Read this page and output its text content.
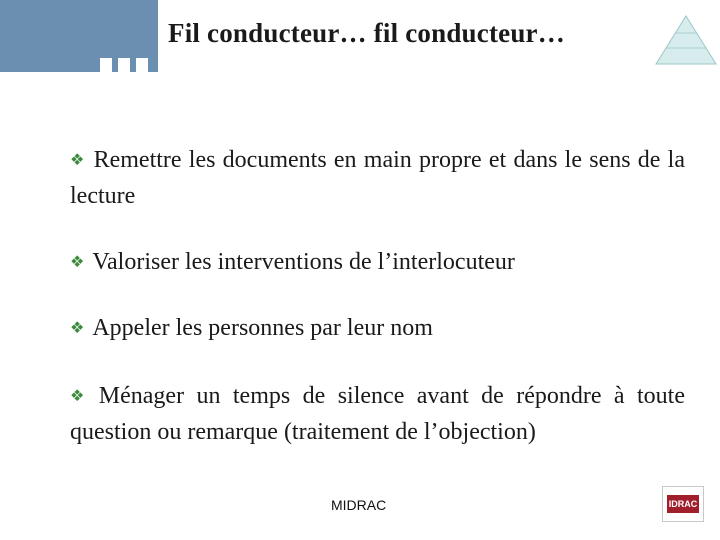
Fil conducteur… fil conducteur…
❖ Remettre les documents en main propre et dans le sens de la lecture
❖ Valoriser les interventions de l’interlocuteur
❖ Appeler les personnes par leur nom
❖ Ménager un temps de silence avant de répondre à toute question ou remarque (traitement de l’objection)
MIDRAC	IDRAC
